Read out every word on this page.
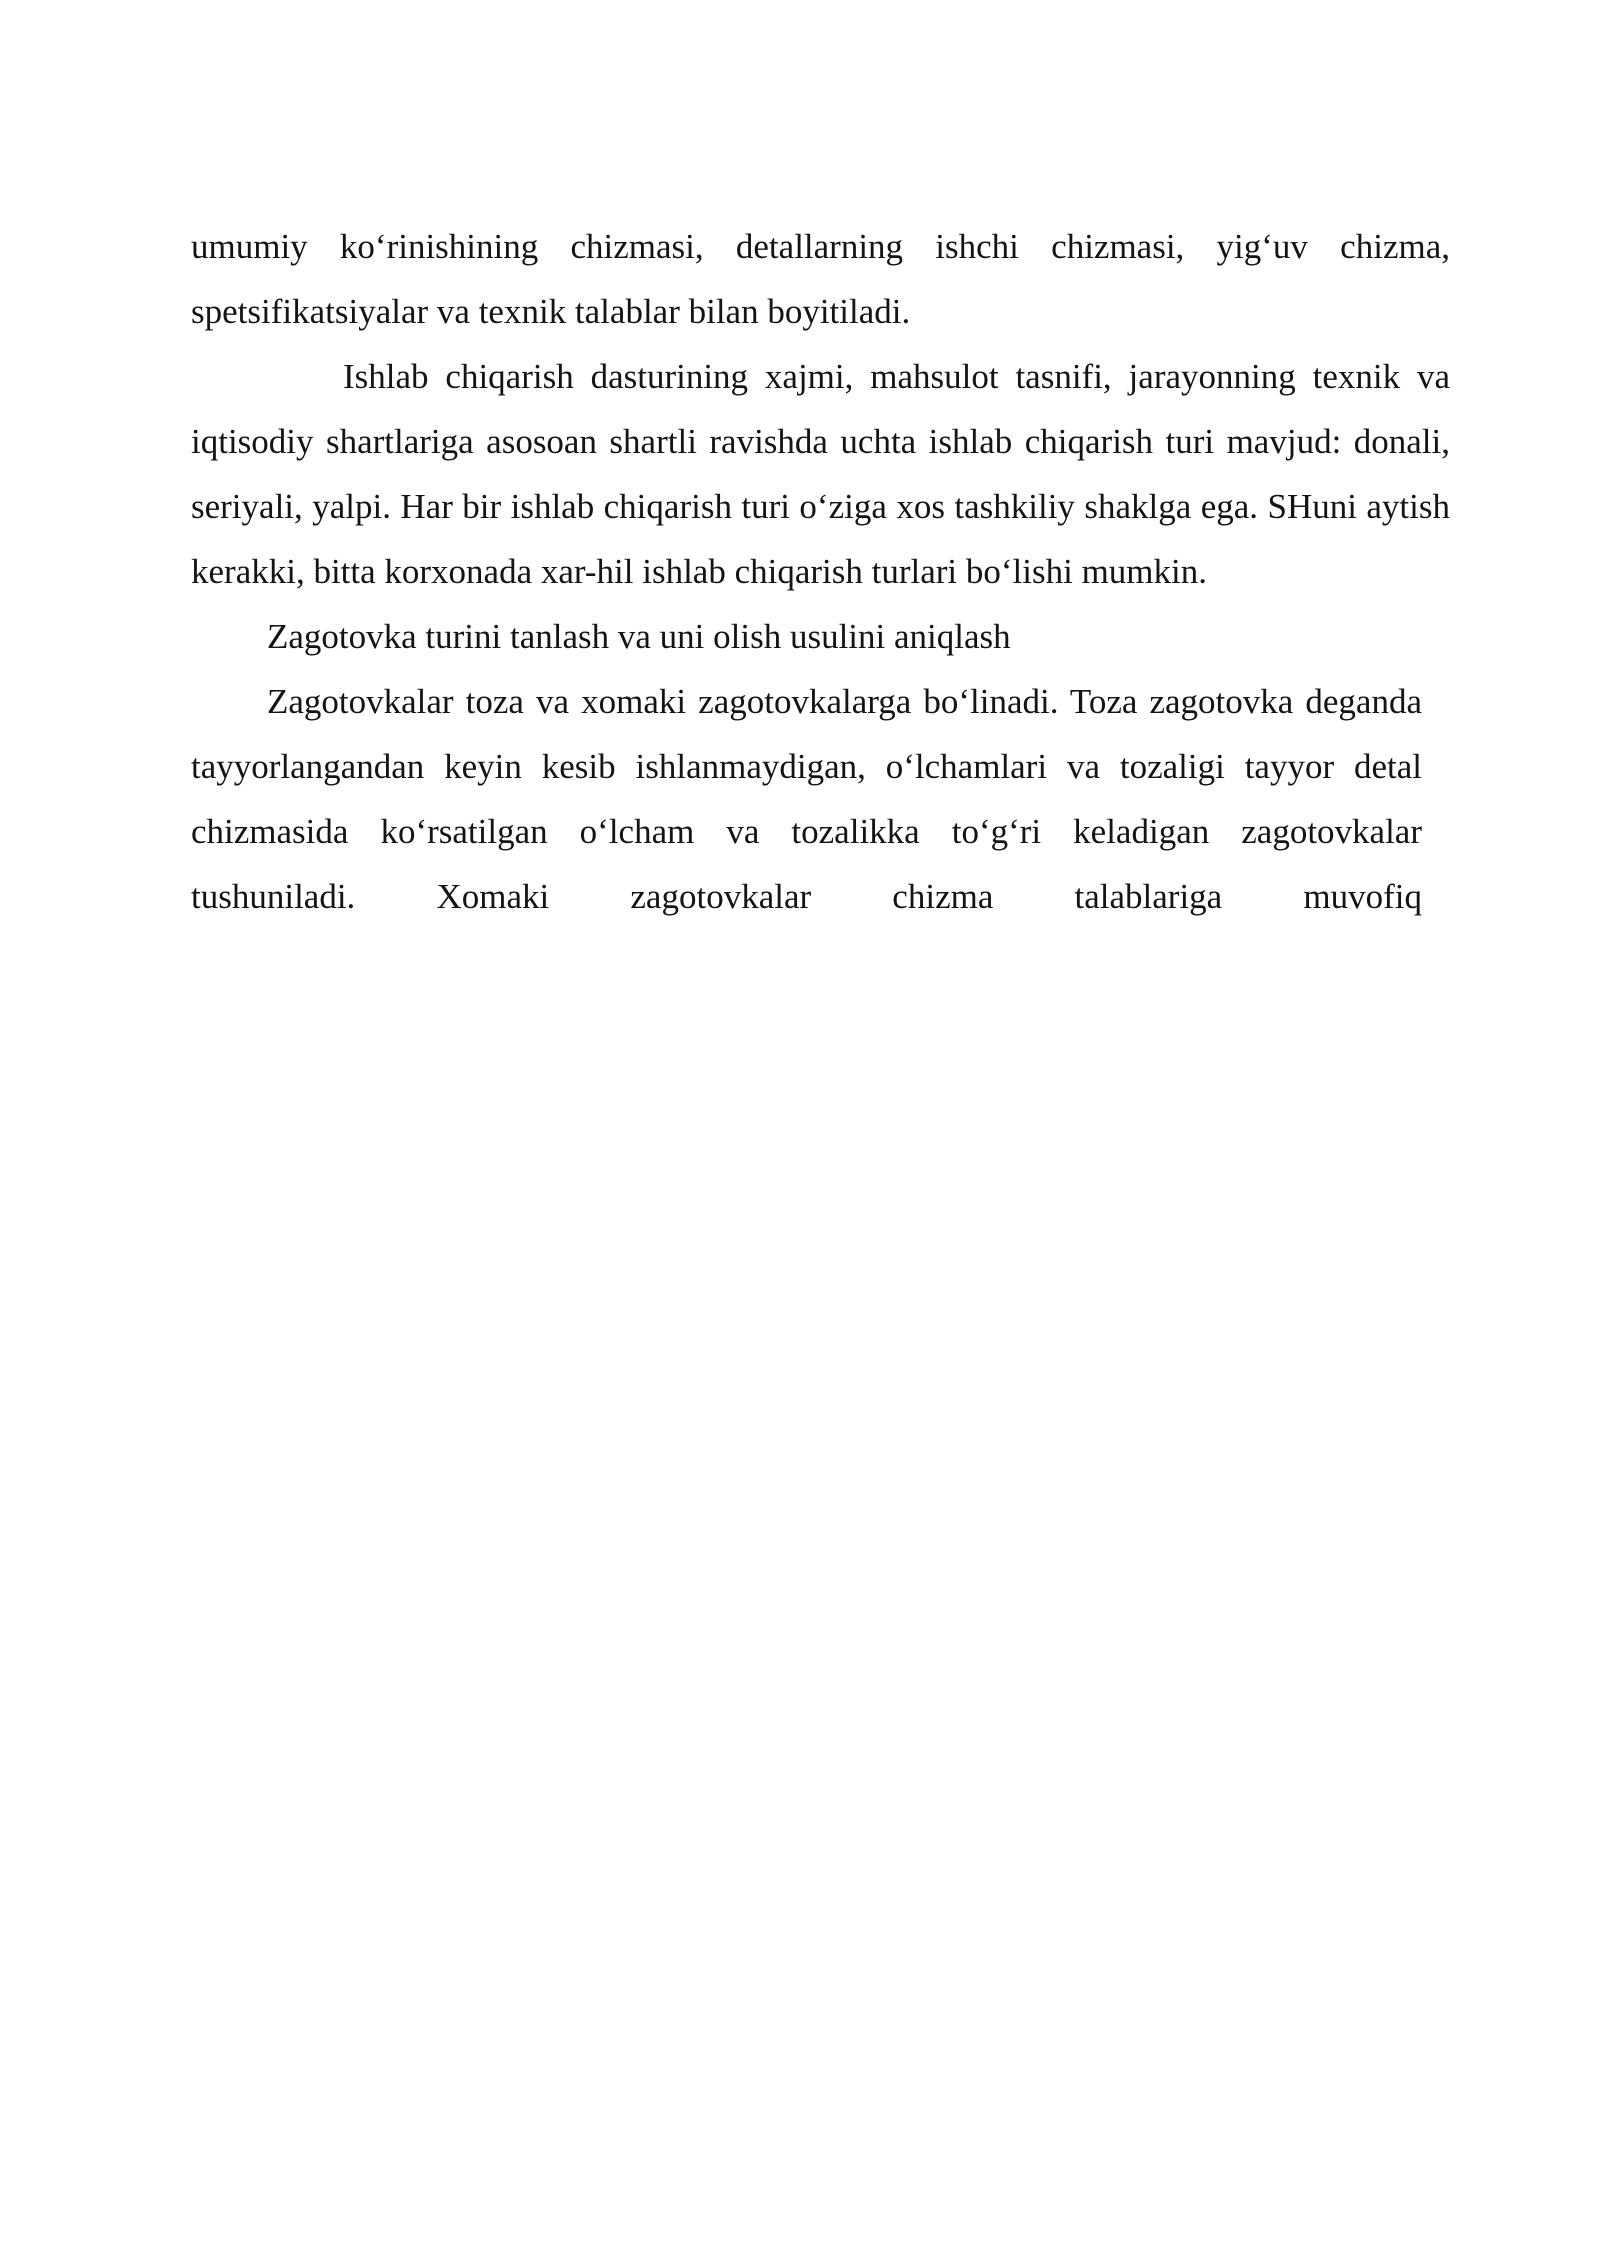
umumiy ko‘rinishining chizmasi, detallarning ishchi chizmasi, yig‘uv chizma, spetsifikatsiyalar va texnik talablar bilan boyitiladi.

Ishlab chiqarish dasturining xajmi, mahsulot tasnifi, jarayonning texnik va iqtisodiy shartlariga asosoan shartli ravishda uchta ishlab chiqarish turi mavjud: donali, seriyali, yalpi. Har bir ishlab chiqarish turi o‘ziga xos tashkiliy shaklga ega. SHuni aytish kerakki, bitta korxonada xar-hil ishlab chiqarish turlari bo‘lishi mumkin.

Zagotovka turini tanlash va uni olish usulini aniqlash

Zagotovkalar toza va xomaki zagotovkalarga bo‘linadi. Toza zagotovka deganda tayyorlangandan keyin kesib ishlanmaydigan, o‘lchamlari va tozaligi tayyor detal chizmasida ko‘rsatilgan o‘lcham va tozalikka to‘g‘ri keladigan zagotovkalar tushuniladi. Xomaki zagotovkalar chizma talablariga muvofiq
